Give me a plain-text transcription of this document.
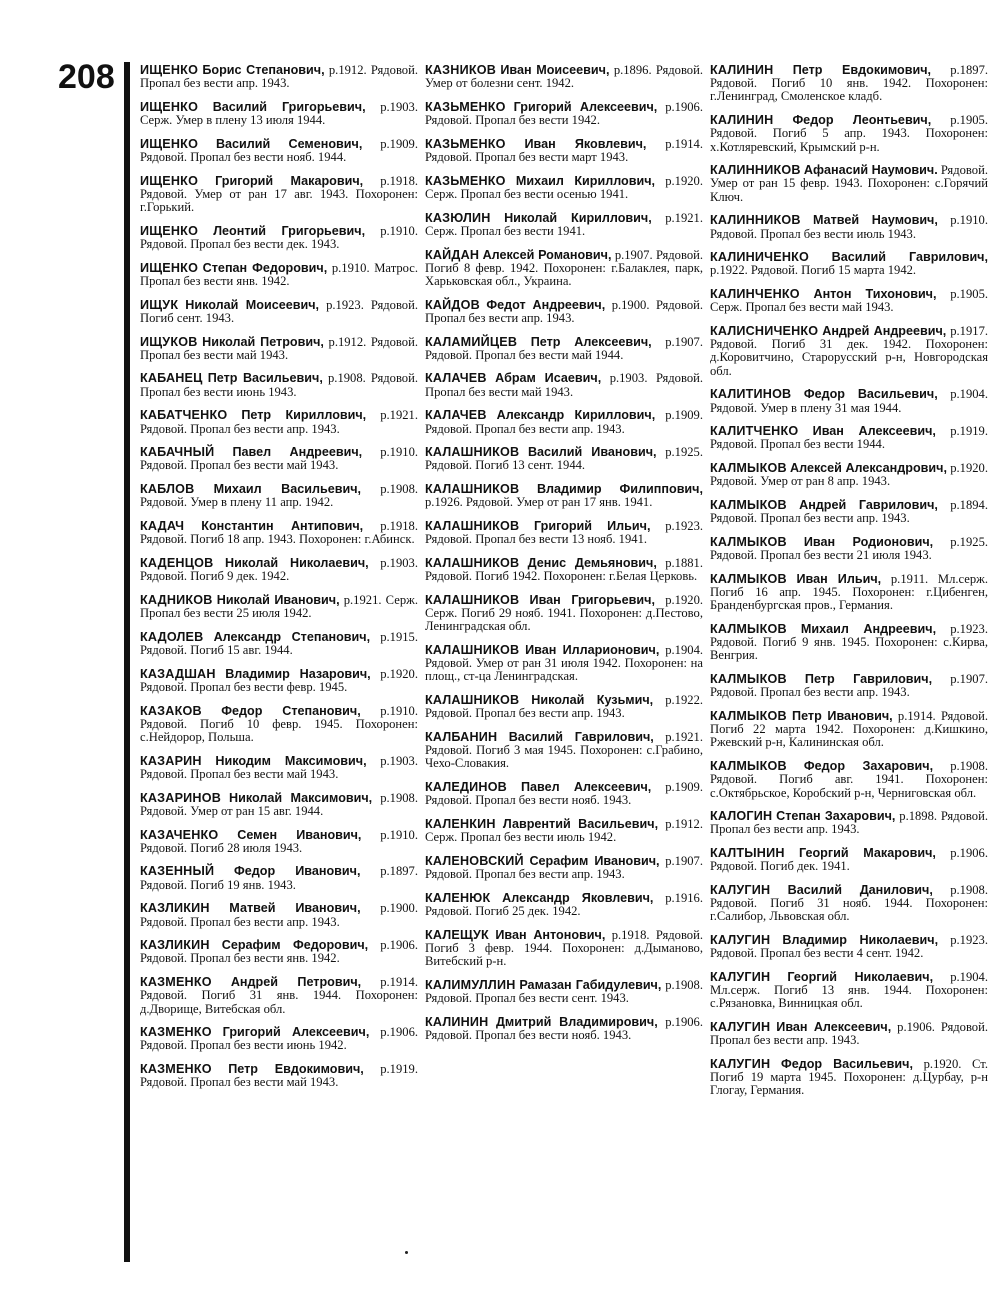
208 ИЩЕНКО Борис Степанович, р.1912. Рядовой. Пропал без вести апр. 1943.

ИЩЕНКО Василий Григорьевич, р.1903. Серж. Умер в плену 13 июля 1944.

ИЩЕНКО Василий Семенович, р.1909. Рядовой. Пропал без вести нояб. 1944.

ИЩЕНКО Григорий Макарович, р.1918. Рядовой. Умер от ран 17 авг. 1943. Похоронен: г.Горький.

ИЩЕНКО Леонтий Григорьевич, р.1910. Рядовой. Пропал без вести дек. 1943.

ИЩЕНКО Степан Федорович, р.1910. Матрос. Пропал без вести янв. 1942.

ИЩУК Николай Моисеевич, р.1923. Рядовой. Погиб сент. 1943.

ИЩУКОВ Николай Петрович, р.1912. Рядовой. Пропал без вести май 1943.

КАБАНЕЦ Петр Васильевич, р.1908. Рядовой. Пропал без вести июнь 1943.

КАБАТЧЕНКО Петр Кириллович, р.1921. Рядовой. Пропал без вести апр. 1943.

КАБАЧНЫЙ Павел Андреевич, р.1910. Рядовой. Пропал без вести май 1943.

КАБЛОВ Михаил Васильевич, р.1908. Рядовой. Умер в плену 11 апр. 1942.

КАДАЧ Константин Антипович, р.1918. Рядовой. Погиб 18 апр. 1943. Похоронен: г.Абинск.

КАДЕНЦОВ Николай Николаевич, р.1903. Рядовой. Погиб 9 дек. 1942.

КАДНИКОВ Николай Иванович, р.1921. Серж. Пропал без вести 25 июля 1942.

КАДОЛЕВ Александр Степанович, р.1915. Рядовой. Погиб 15 авг. 1944.

КАЗАДШАН Владимир Назарович, р.1920. Рядовой. Пропал без вести февр. 1945.

КАЗАКОВ Федор Степанович, р.1910. Рядовой. Погиб 10 февр. 1945. Похоронен: с.Нейдорор, Польша.

КАЗАРИН Никодим Максимович, р.1903. Рядовой. Пропал без вести май 1943.

КАЗАРИНОВ Николай Максимович, р.1908. Рядовой. Умер от ран 15 авг. 1944.

КАЗАЧЕНКО Семен Иванович, р.1910. Рядовой. Погиб 28 июля 1943.

КАЗЕННЫЙ Федор Иванович, р.1897. Рядовой. Погиб 19 янв. 1943.

КАЗЛИКИН Матвей Иванович, р.1900. Рядовой. Пропал без вести апр. 1943.

КАЗЛИКИН Серафим Федорович, р.1906. Рядовой. Пропал без вести янв. 1942.

КАЗМЕНКО Андрей Петрович, р.1914. Рядовой. Погиб 31 янв. 1944. Похоронен: д.Дворище, Витебская обл.

КАЗМЕНКО Григорий Алексеевич, р.1906. Рядовой. Пропал без вести июнь 1942.

КАЗМЕНКО Петр Евдокимович, р.1919. Рядовой. Пропал без вести май 1943.

КАЗНИКОВ Иван Моисеевич, р.1896. Рядовой. Умер от болезни сент. 1942.

КАЗЬМЕНКО Григорий Алексеевич, р.1906. Рядовой. Пропал без вести 1942.

КАЗЬМЕНКО Иван Яковлевич, р.1914. Рядовой. Пропал без вести март 1943.

КАЗЬМЕНКО Михаил Кириллович, р.1920. Серж. Пропал без вести осенью 1941.

КАЗЮЛИН Николай Кириллович, р.1921. Серж. Пропал без вести 1941.

КАЙДАН Алексей Романович, р.1907. Рядовой. Погиб 8 февр. 1942. Похоронен: г.Балаклея, парк, Харьковская обл., Украина.

КАЙДОВ Федот Андреевич, р.1900. Рядовой. Пропал без вести апр. 1943.

КАЛАМИЙЦЕВ Петр Алексеевич, р.1907. Рядовой. Пропал без вести май 1944.

КАЛАЧЕВ Абрам Исаевич, р.1903. Рядовой. Пропал без вести май 1943.

КАЛАЧЕВ Александр Кириллович, р.1909. Рядовой. Пропал без вести апр. 1943.

КАЛАШНИКОВ Василий Иванович, р.1925. Рядовой. Погиб 13 сент. 1944.

КАЛАШНИКОВ Владимир Филиппович, р.1926. Рядовой. Умер от ран 17 янв. 1941.

КАЛАШНИКОВ Григорий Ильич, р.1923. Рядовой. Пропал без вести 13 нояб. 1941.

КАЛАШНИКОВ Денис Демьянович, р.1881. Рядовой. Погиб 1942. Похоронен: г.Белая Церковь.

КАЛАШНИКОВ Иван Григорьевич, р.1920. Серж. Погиб 29 нояб. 1941. Похоронен: д.Пестово, Ленинградская обл.

КАЛАШНИКОВ Иван Илларионович, р.1904. Рядовой. Умер от ран 31 июля 1942. Похоронен: на площ., ст-ца Ленинградская.

КАЛАШНИКОВ Николай Кузьмич, р.1922. Рядовой. Пропал без вести апр. 1943.

КАЛБАНИН Василий Гаврилович, р.1921. Рядовой. Погиб 3 мая 1945. Похоронен: с.Грабино, Чехо-Словакия.

КАЛЕДИНОВ Павел Алексеевич, р.1909. Рядовой. Пропал без вести нояб. 1943.

КАЛЕНКИН Лаврентий Васильевич, р.1912. Серж. Пропал без вести июль 1942.

КАЛЕНОВСКИЙ Серафим Иванович, р.1907. Рядовой. Пропал без вести апр. 1943.

КАЛЕНЮК Александр Яковлевич, р.1916. Рядовой. Погиб 25 дек. 1942.

КАЛЕЩУК Иван Антонович, р.1918. Рядовой. Погиб 3 февр. 1944. Похоронен: д.Дыманово, Витебский р-н.

КАЛИМУЛЛИН Рамазан Габидулевич, р.1908. Рядовой. Пропал без вести сент. 1943.

КАЛИНИН Дмитрий Владимирович, р.1906. Рядовой. Пропал без вести нояб. 1943.

КАЛИНИН Петр Евдокимович, р.1897. Рядовой. Погиб 10 янв. 1942. Похоронен: г.Ленинград, Смоленское кладб.

КАЛИНИН Федор Леонтьевич, р.1905. Рядовой. Погиб 5 апр. 1943. Похоронен: х.Котляревский, Крымский р-н.

КАЛИННИКОВ Афанасий Наумович. Рядовой. Умер от ран 15 февр. 1943. Похоронен: с.Горячий Ключ.

КАЛИННИКОВ Матвей Наумович, р.1910. Рядовой. Пропал без вести июль 1943.

КАЛИНИЧЕНКО Василий Гаврилович, р.1922. Рядовой. Погиб 15 марта 1942.

КАЛИНЧЕНКО Антон Тихонович, р.1905. Серж. Пропал без вести май 1943.

КАЛИСНИЧЕНКО Андрей Андреевич, р.1917. Рядовой. Погиб 31 дек. 1942. Похоронен: д.Коровитчино, Старорусский р-н, Новгородская обл.

КАЛИТИНОВ Федор Васильевич, р.1904. Рядовой. Умер в плену 31 мая 1944.

КАЛИТЧЕНКО Иван Алексеевич, р.1919. Рядовой. Пропал без вести 1944.

КАЛМЫКОВ Алексей Александрович, р.1920. Рядовой. Умер от ран 8 апр. 1943.

КАЛМЫКОВ Андрей Гаврилович, р.1894. Рядовой. Пропал без вести апр. 1943.

КАЛМЫКОВ Иван Родионович, р.1925. Рядовой. Пропал без вести 21 июля 1943.

КАЛМЫКОВ Иван Ильич, р.1911. Мл.серж. Погиб 16 апр. 1945. Похоронен: г.Цибенген, Бранденбургская пров., Германия.

КАЛМЫКОВ Михаил Андреевич, р.1923. Рядовой. Погиб 9 янв. 1945. Похоронен: с.Кирва, Венгрия.

КАЛМЫКОВ Петр Гаврилович, р.1907. Рядовой. Пропал без вести апр. 1943.

КАЛМЫКОВ Петр Иванович, р.1914. Рядовой. Погиб 22 марта 1942. Похоронен: д.Кишкино, Ржевский р-н, Калининская обл.

КАЛМЫКОВ Федор Захарович, р.1908. Рядовой. Погиб авг. 1941. Похоронен: с.Октябрьское, Коробский р-н, Черниговская обл.

КАЛОГИН Степан Захарович, р.1898. Рядовой. Пропал без вести апр. 1943.

КАЛТЫНИН Георгий Макарович, р.1906. Рядовой. Погиб дек. 1941.

КАЛУГИН Василий Данилович, р.1908. Рядовой. Погиб 31 нояб. 1944. Похоронен: г.Салибор, Львовская обл.

КАЛУГИН Владимир Николаевич, р.1923. Рядовой. Пропал без вести 4 сент. 1942.

КАЛУГИН Георгий Николаевич, р.1904. Мл.серж. Погиб 13 янв. 1944. Похоронен: с.Рязановка, Винницкая обл.

КАЛУГИН Иван Алексеевич, р.1906. Рядовой. Пропал без вести апр. 1943.

КАЛУГИН Федор Васильевич, р.1920. Ст. Погиб 19 марта 1945. Похоронен: д.Цурбау, р-н Глогау, Германия.
